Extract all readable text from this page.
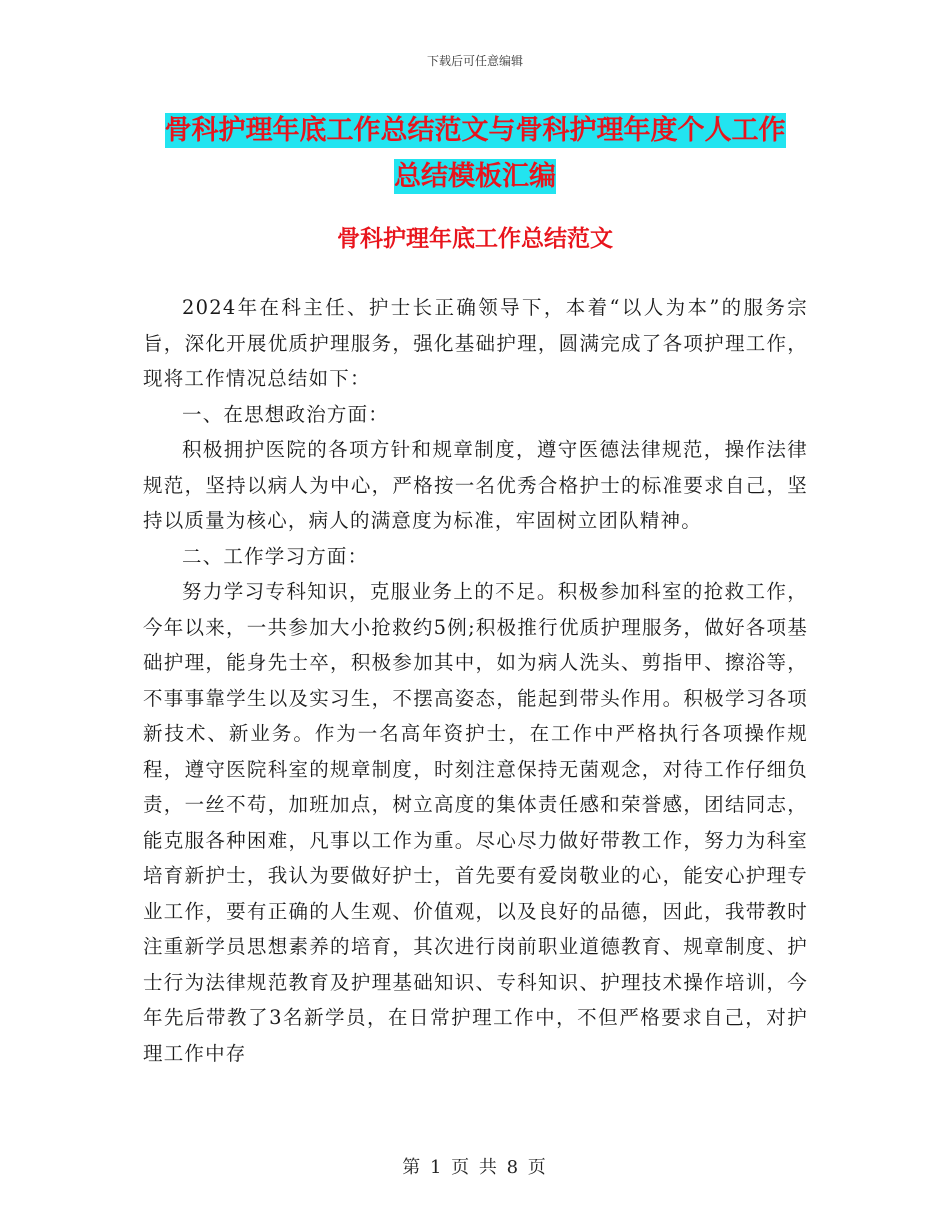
下载后可任意编辑
骨科护理年底工作总结范文与骨科护理年度个人工作
总结模板汇编
骨科护理年底工作总结范文

2024年在科主任、护士长正确领导下，本着“以人为本”的服务宗旨，深化开展优质护理服务，强化基础护理，圆满完成了各项护理工作，现将工作情况总结如下：

一、在思想政治方面：

积极拥护医院的各项方针和规章制度，遵守医德法律规范，操作法律规范，坚持以病人为中心，严格按一名优秀合格护士的标准要求自己，坚持以质量为核心，病人的满意度为标准，牢固树立团队精神。

二、工作学习方面：

努力学习专科知识，克服业务上的不足。积极参加科室的抢救工作，今年以来，一共参加大小抢救约5例;积极推行优质护理服务，做好各项基础护理，能身先士卒，积极参加其中，如为病人洗头、剪指甲、擦浴等，不事事靠学生以及实习生，不摆高姿态，能起到带头作用。积极学习各项新技术、新业务。作为一名高年资护士，在工作中严格执行各项操作规程，遵守医院科室的规章制度，时刻注意保持无菌观念，对待工作仔细负责，一丝不苟，加班加点，树立高度的集体责任感和荣誉感，团结同志，能克服各种困难，凡事以工作为重。尽心尽力做好带教工作，努力为科室培育新护士，我认为要做好护士，首先要有爱岗敬业的心，能安心护理专业工作，要有正确的人生观、价值观，以及良好的品德，因此，我带教时注重新学员思想素养的培育，其次进行岗前职业道德教育、规章制度、护士行为法律规范教育及护理基础知识、专科知识、护理技术操作培训，今年先后带教了3名新学员，在日常护理工作中，不但严格要求自己，对护理工作中存

第 1 页 共 8 页
